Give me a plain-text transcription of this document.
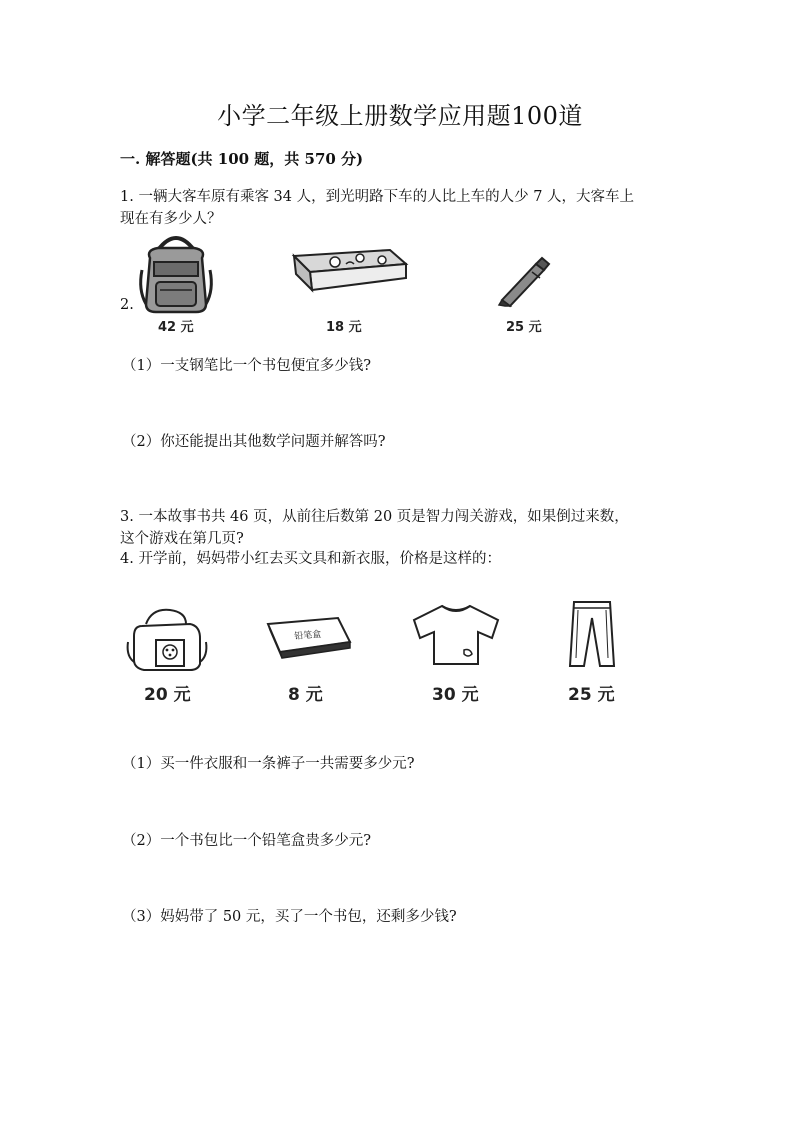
小学二年级上册数学应用题100道
一. 解答题(共 100 题，共 570 分)
1. 一辆大客车原有乘客 34 人，到光明路下车的人比上车的人少 7 人，大客车上
现在有多少人？
2.
42 元	18 元	25 元
（1）一支钢笔比一个书包便宜多少钱?
（2）你还能提出其他数学问题并解答吗?
3. 一本故事书共 46 页，从前往后数第 20 页是智力闯关游戏，如果倒过来数，
这个游戏在第几页?
4. 开学前，妈妈带小红去买文具和新衣服，价格是这样的：
20 元
铅笔盒
8 元	30 元	25 元
（1）买一件衣服和一条裤子一共需要多少元?
（2）一个书包比一个铅笔盒贵多少元?
（3）妈妈带了 50 元，买了一个书包，还剩多少钱?
